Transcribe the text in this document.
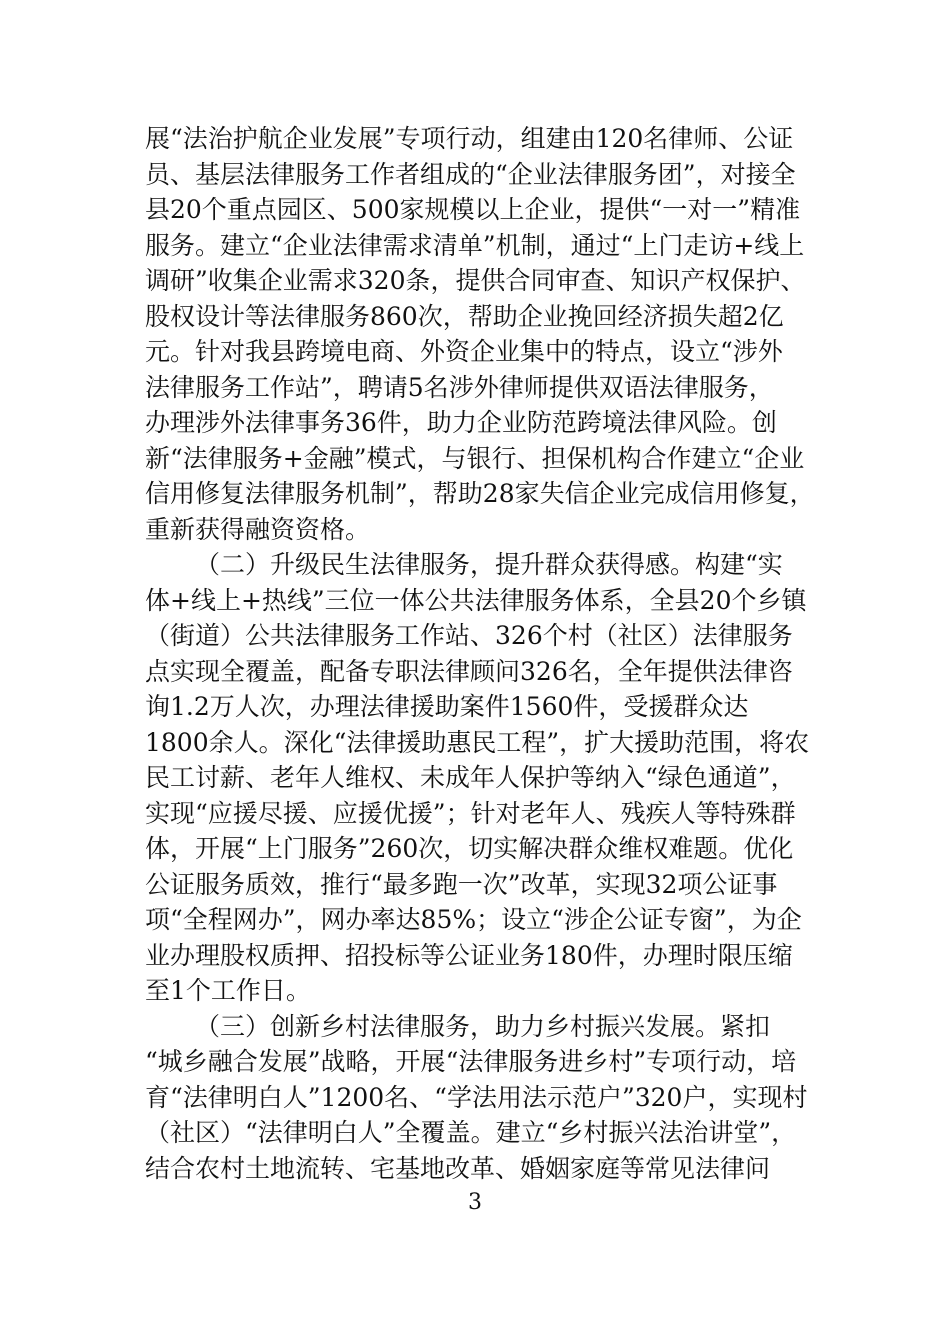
展“法治护航企业发展”专项行动，组建由120名律师、公证
员、基层法律服务工作者组成的“企业法律服务团”，对接全
县20个重点园区、500家规模以上企业，提供“一对一”精准
服务。建立“企业法律需求清单”机制，通过“上门走访+线上
调研”收集企业需求320条，提供合同审查、知识产权保护、
股权设计等法律服务860次，帮助企业挽回经济损失超2亿
元。针对我县跨境电商、外资企业集中的特点，设立“涉外
法律服务工作站”，聘请5名涉外律师提供双语法律服务，
办理涉外法律事务36件，助力企业防范跨境法律风险。创
新“法律服务+金融”模式，与银行、担保机构合作建立“企业
信用修复法律服务机制”，帮助28家失信企业完成信用修复，
重新获得融资资格。
（二）升级民生法律服务，提升群众获得感。构建“实
体+线上+热线”三位一体公共法律服务体系，全县20个乡镇
（街道）公共法律服务工作站、326个村（社区）法律服务
点实现全覆盖，配备专职法律顾问326名，全年提供法律咨
询1.2万人次，办理法律援助案件1560件，受援群众达
1800余人。深化“法律援助惠民工程”，扩大援助范围，将农
民工讨薪、老年人维权、未成年人保护等纳入“绿色通道”，
实现“应援尽援、应援优援”；针对老年人、残疾人等特殊群
体，开展“上门服务”260次，切实解决群众维权难题。优化
公证服务质效，推行“最多跑一次”改革，实现32项公证事
项“全程网办”，网办率达85%；设立“涉企公证专窗”，为企
业办理股权质押、招投标等公证业务180件，办理时限压缩
至1个工作日。
（三）创新乡村法律服务，助力乡村振兴发展。紧扣
“城乡融合发展”战略，开展“法律服务进乡村”专项行动，培
育“法律明白人”1200名、“学法用法示范户”320户，实现村
（社区）“法律明白人”全覆盖。建立“乡村振兴法治讲堂”，
结合农村土地流转、宅基地改革、婚姻家庭等常见法律问
3
